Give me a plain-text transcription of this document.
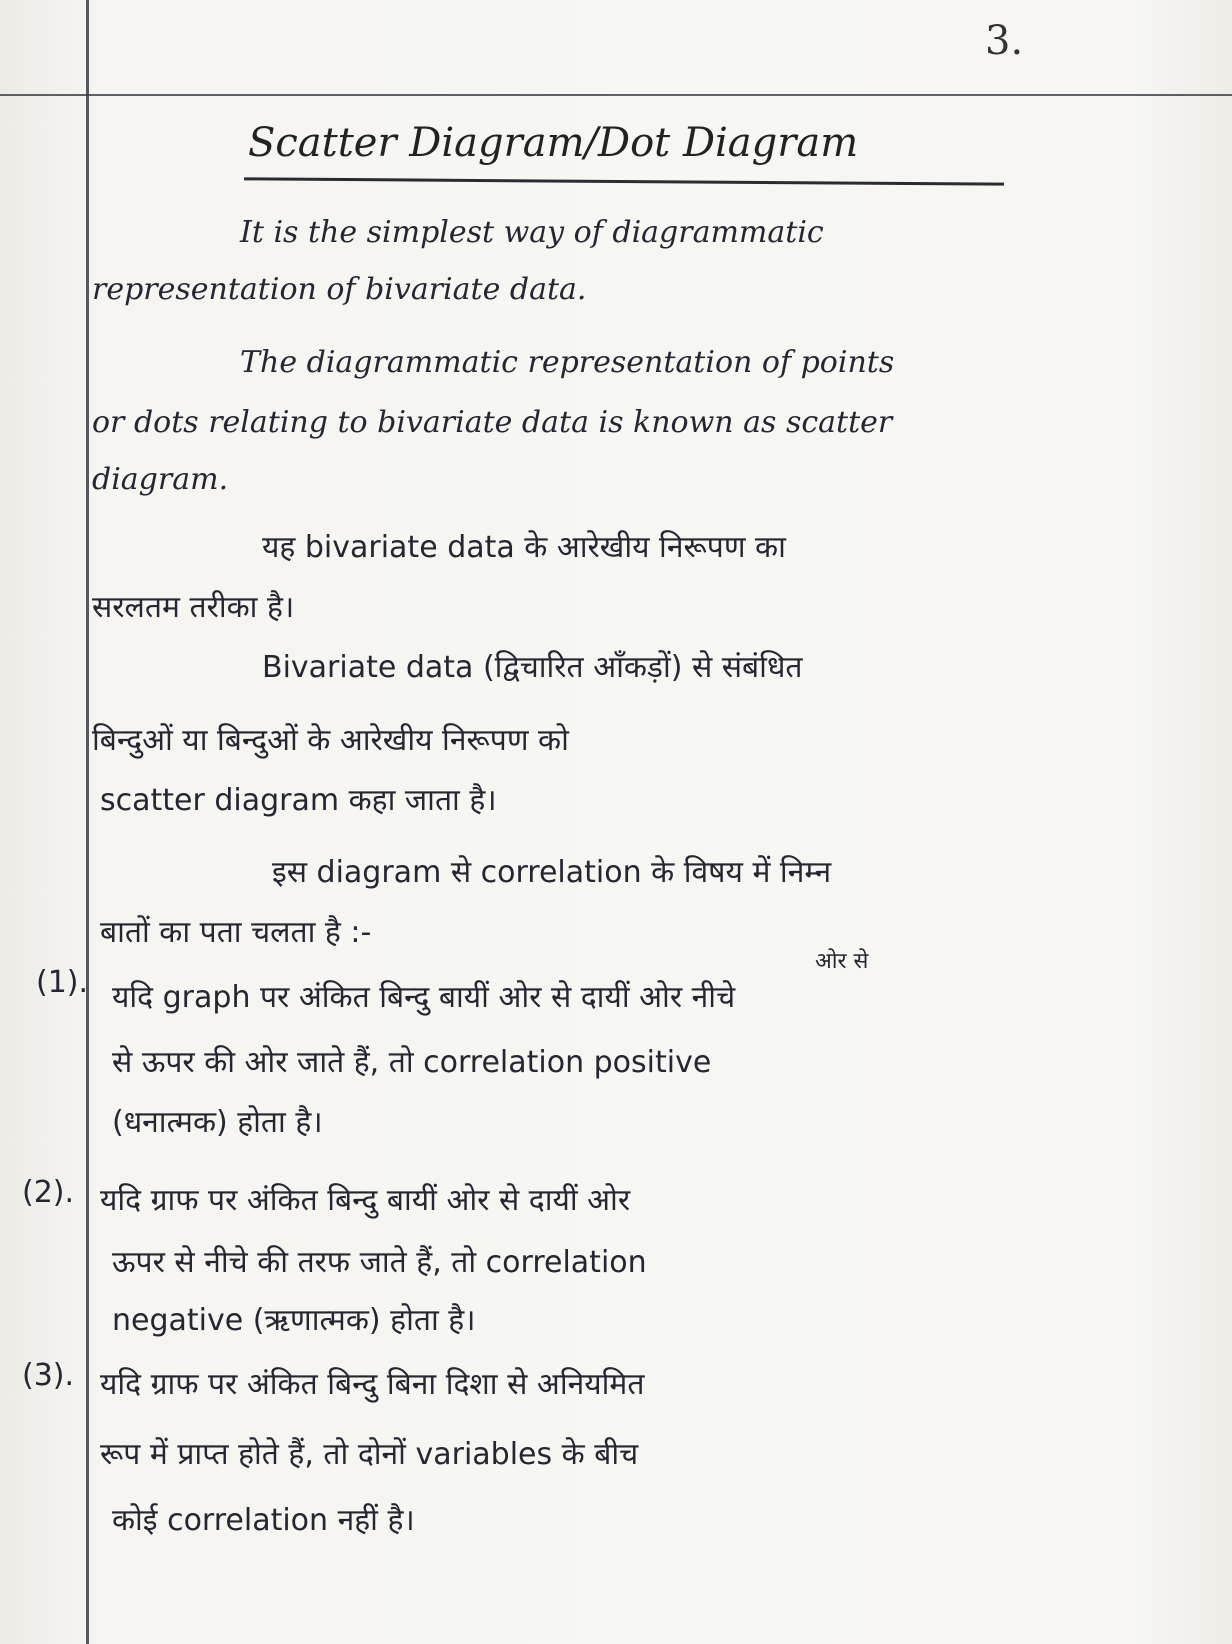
3.
Scatter Diagram/Dot Diagram
It is the simplest way of diagrammatic
representation of bivariate data.
The diagrammatic representation of points
or dots relating to bivariate data is known as scatter
diagram.
यह bivariate data के आरेखीय निरूपण का
सरलतम तरीका है।
Bivariate data (द्विचारित आँकड़ों) से संबंधित
बिन्दुओं या बिन्दुओं के आरेखीय निरूपण को
scatter diagram कहा जाता है।
इस diagram से correlation के विषय में निम्न
बातों का पता चलता है :-
(1).
ओर से
यदि graph पर अंकित बिन्दु बायीं ओर से दायीं ओर नीचे
से ऊपर की ओर जाते हैं, तो correlation positive
(धनात्मक) होता है।
(2). यदि ग्राफ पर अंकित बिन्दु बायीं ओर से दायीं ओर
ऊपर से नीचे की तरफ जाते हैं, तो correlation
negative (ऋणात्मक) होता है।
(3). यदि ग्राफ पर अंकित बिन्दु बिना दिशा से अनियमित
रूप में प्राप्त होते हैं, तो दोनों variables के बीच
कोई correlation नहीं है।
